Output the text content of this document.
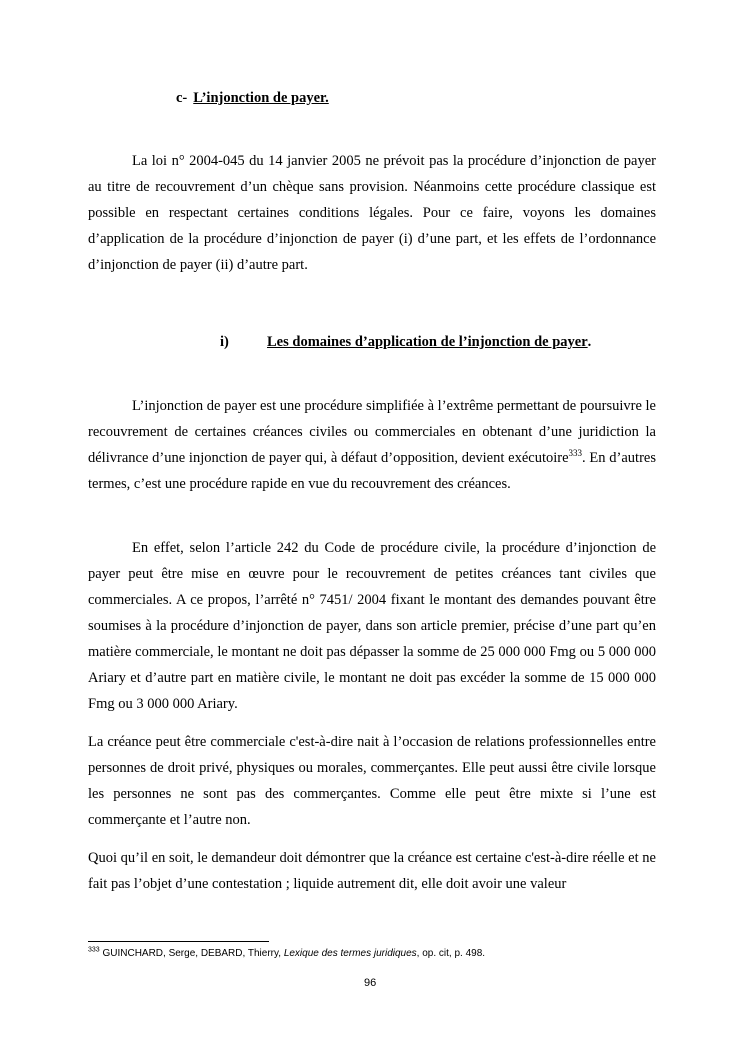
c- L’injonction de payer.

La loi n° 2004-045 du 14 janvier 2005 ne prévoit pas la procédure d’injonction de payer au titre de recouvrement d’un chèque sans provision. Néanmoins cette procédure classique est possible en respectant certaines conditions légales. Pour ce faire, voyons les domaines d’application de la procédure d’injonction de payer (i) d’une part, et les effets de l’ordonnance d’injonction de payer (ii) d’autre part.

i)	Les domaines d’application de l’injonction de payer.

L’injonction de payer est une procédure simplifiée à l’extrême permettant de poursuivre le recouvrement de certaines créances civiles ou commerciales en obtenant d’une juridiction la délivrance d’une injonction de payer qui, à défaut d’opposition, devient exécutoire$^{333}$. En d’autres termes, c’est une procédure rapide en vue du recouvrement des créances.

En effet, selon l’article 242 du Code de procédure civile, la procédure d’injonction de payer peut être mise en œuvre pour le recouvrement de petites créances tant civiles que commerciales. A ce propos, l’arrêté n° 7451/ 2004 fixant le montant des demandes pouvant être soumises à la procédure d’injonction de payer, dans son article premier, précise d’une part qu’en matière commerciale, le montant ne doit pas dépasser la somme de 25 000 000 Fmg ou 5 000 000 Ariary et d’autre part en matière civile, le montant ne doit pas excéder la somme de 15 000 000 Fmg ou 3 000 000 Ariary.

La créance peut être commerciale c'est-à-dire nait à l’occasion de relations professionnelles entre personnes de droit privé, physiques ou morales, commerçantes. Elle peut aussi être civile lorsque les personnes ne sont pas des commerçantes. Comme elle peut être mixte si l’une est commerçante et l’autre non.

Quoi qu’il en soit, le demandeur doit démontrer que la créance est certaine c'est-à-dire réelle et ne fait pas l’objet d’une contestation ; liquide autrement dit, elle doit avoir une valeur

$^{333}$ GUINCHARD, Serge, DEBARD, Thierry, Lexique des termes juridiques, op. cit, p. 498.
96
